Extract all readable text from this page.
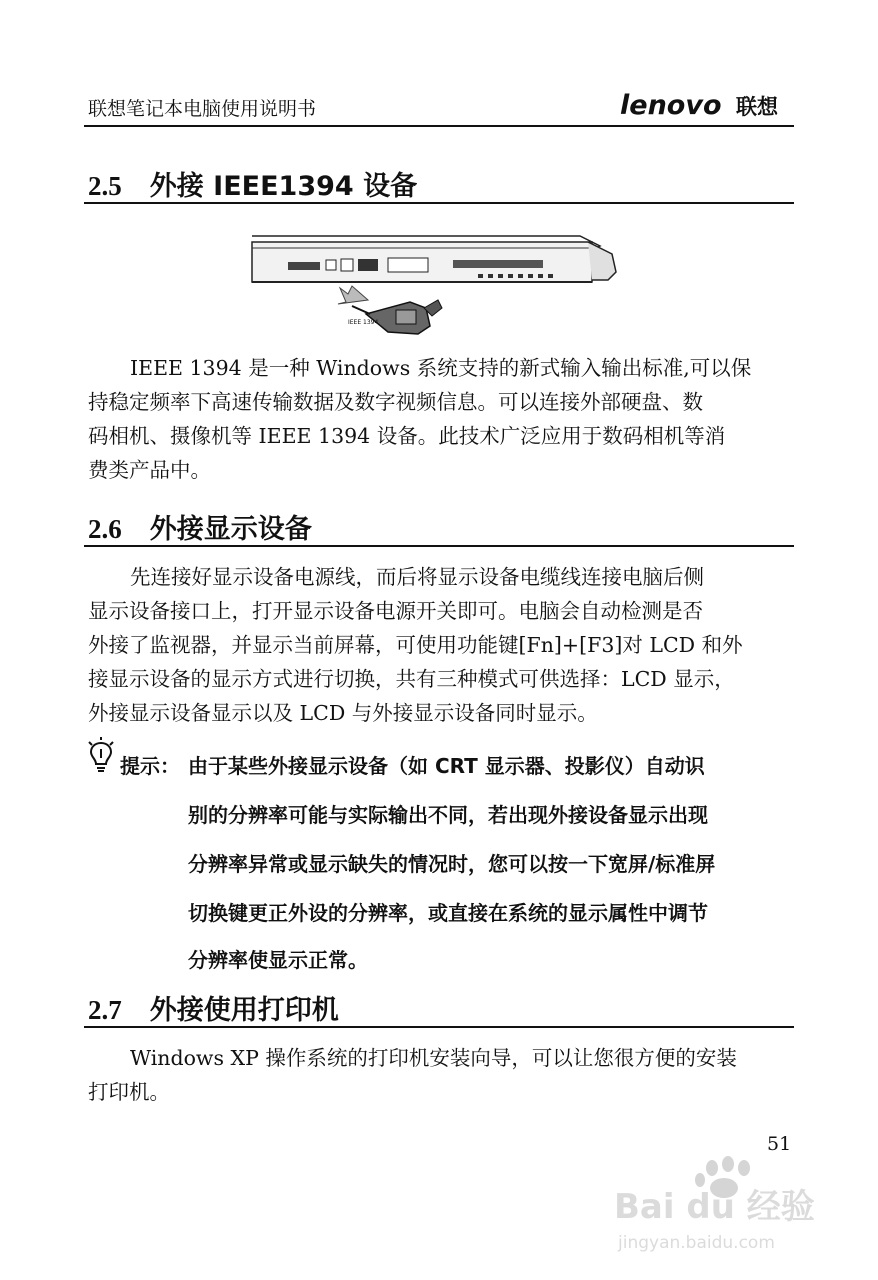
联想笔记本电脑使用说明书	lenovo 联想
2.5 外接 IEEE1394 设备
IEEE 1394
IEEE 1394 是一种 Windows 系统支持的新式输入输出标准,可以保
持稳定频率下高速传输数据及数字视频信息。可以连接外部硬盘、数
码相机、摄像机等 IEEE 1394 设备。此技术广泛应用于数码相机等消
费类产品中。
2.6 外接显示设备
先连接好显示设备电源线，而后将显示设备电缆线连接电脑后侧
显示设备接口上，打开显示设备电源开关即可。电脑会自动检测是否
外接了监视器，并显示当前屏幕，可使用功能键[Fn]+[F3]对 LCD 和外
接显示设备的显示方式进行切换，共有三种模式可供选择：LCD 显示，
外接显示设备显示以及 LCD 与外接显示设备同时显示。
提示： 由于某些外接显示设备（如 CRT 显示器、投影仪）自动识
别的分辨率可能与实际输出不同，若出现外接设备显示出现
分辨率异常或显示缺失的情况时，您可以按一下宽屏/标准屏
切换键更正外设的分辨率，或直接在系统的显示属性中调节
分辨率使显示正常。
2.7 外接使用打印机
Windows XP 操作系统的打印机安装向导，可以让您很方便的安装
打印机。
51
Bai du 经验
jingyan.baidu.com
